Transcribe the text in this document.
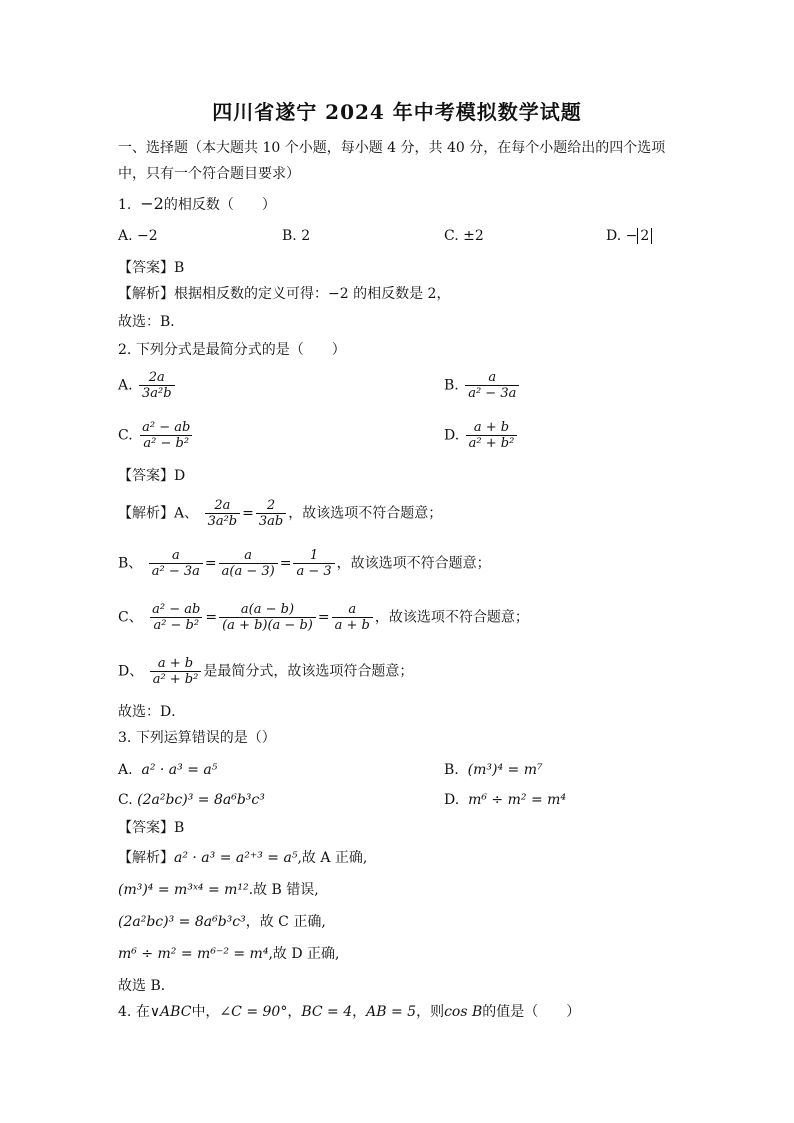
四川省遂宁 2024 年中考模拟数学试题
一、选择题（本大题共 10 个小题，每小题 4 分，共 40 分，在每个小题给出的四个选项
中，只有一个符合题目要求）
1. −2的相反数（　　）
A. −2	B. 2	C. ±2	D. − 2
【答案】B
【解析】根据相反数的定义可得：−2 的相反数是 2，
故选：B．
2. 下列分式是最简分式的是（　　）
A. $\frac{2a}{\text{3a²b}}$	B. $\frac{a}{\text{a² − 3a}}$
C. $\frac{\text{a² − ab}}{\text{a² − b²}}$	D. $\frac{a + b}{\text{a² + b²}}$
【答案】D
【解析】A、 $\frac{2a}{\text{3a²b}} = \frac{2}{3ab}$ ，故该选项不符合题意；
B、 $\frac{a}{\text{a² − 3a}} = \frac{a}{a(a - 3)} = \frac{1}{a - 3}$ ，故该选项不符合题意；
C、 $\frac{\text{a² − ab}}{\text{a² − b²}} = \frac{a(a - b)}{(a + b)(a - b)} = \frac{a}{a + b}$ ，故该选项不符合题意；
D、 $\frac{a + b}{\text{a² + b²}}$ 是最简分式，故该选项符合题意；
故选：D．
3. 下列运算错误的是（）
A. a² · a³ = a⁵	B. (m³)⁴ = m⁷
C. (2a²bc)³ = 8a⁶b³c³	D. m⁶ ÷ m² = m⁴
【答案】B
【解析】a² · a³ = a²⁺³ = a⁵,故 A 正确,
(m³)⁴ = m³ˣ⁴ = m¹².故 B 错误,
(2a²bc)³ = 8a⁶b³c³，故 C 正确,
m⁶ ÷ m² = m⁶⁻² = m⁴,故 D 正确,
故选 B．
4. 在∨ABC中，∠C = 90°，BC = 4，AB = 5，则cos B的值是（　　）
